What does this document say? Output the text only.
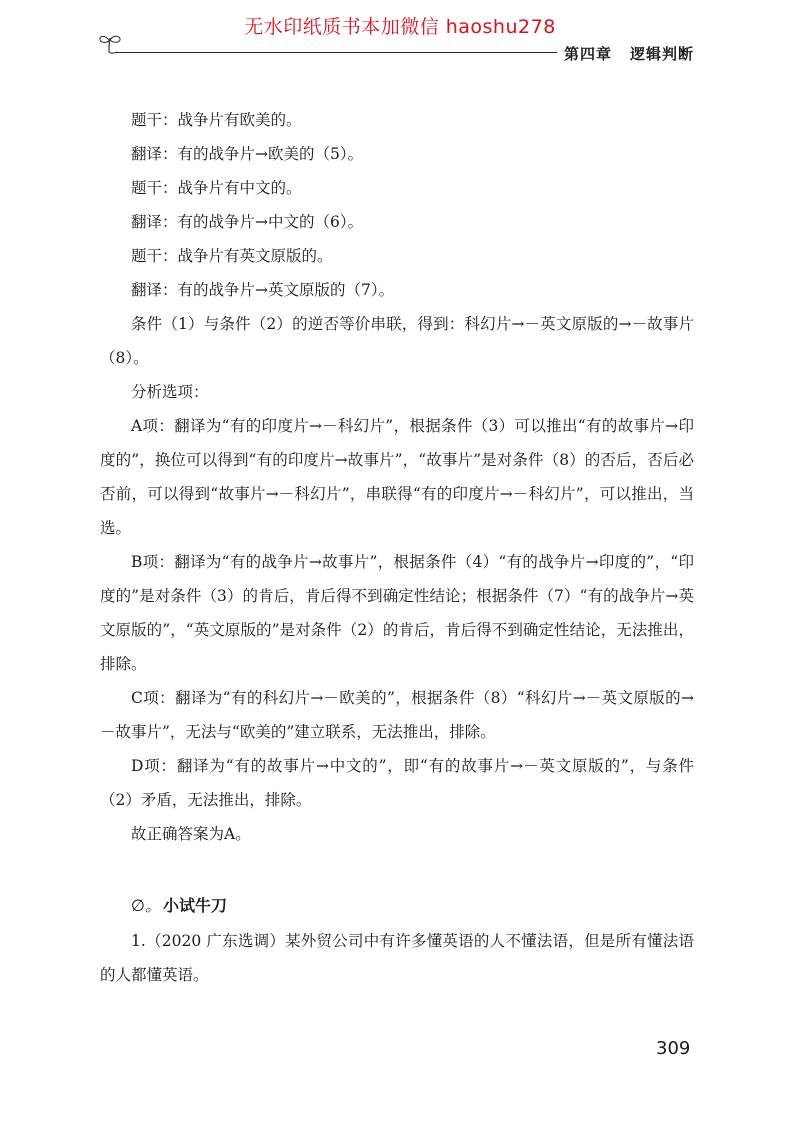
无水印纸质书本加微信 haoshu278
第四章 逻辑判断

题干：战争片有欧美的。

翻译：有的战争片→欧美的（5）。

题干：战争片有中文的。

翻译：有的战争片→中文的（6）。

题干：战争片有英文原版的。

翻译：有的战争片→英文原版的（7）。

条件（1）与条件（2）的逆否等价串联，得到：科幻片→－英文原版的→－故事片（8）。

分析选项：

A项：翻译为“有的印度片→－科幻片”，根据条件（3）可以推出“有的故事片→印度的”，换位可以得到“有的印度片→故事片”，“故事片”是对条件（8）的否后，否后必否前，可以得到“故事片→－科幻片”，串联得“有的印度片→－科幻片”，可以推出，当选。

B项：翻译为“有的战争片→故事片”，根据条件（4）“有的战争片→印度的”，“印度的”是对条件（3）的肯后，肯后得不到确定性结论；根据条件（7）“有的战争片→英文原版的”，“英文原版的”是对条件（2）的肯后，肯后得不到确定性结论，无法推出，排除。

C项：翻译为“有的科幻片→－欧美的”，根据条件（8）“科幻片→－英文原版的→－故事片”，无法与“欧美的”建立联系，无法推出，排除。

D项：翻译为“有的故事片→中文的”，即“有的故事片→－英文原版的”，与条件（2）矛盾，无法推出，排除。

故正确答案为A。

∅。 小试牛刀

1.（2020 广东选调）某外贸公司中有许多懂英语的人不懂法语，但是所有懂法语的人都懂英语。

309
